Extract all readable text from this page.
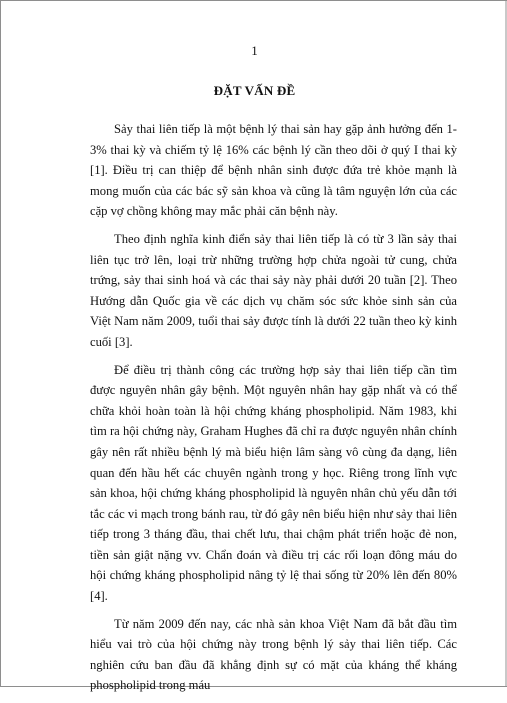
1
ĐẶT VẤN ĐỀ

Sảy thai liên tiếp là một bệnh lý thai sản hay gặp ảnh hưởng đến 1-3% thai kỳ và chiếm tỷ lệ 16% các bệnh lý cần theo dõi ở quý I thai kỳ [1]. Điều trị can thiệp để bệnh nhân sinh được đứa trẻ khỏe mạnh là mong muốn của các bác sỹ sản khoa và cũng là tâm nguyện lớn của các cặp vợ chồng không may mắc phải căn bệnh này.

Theo định nghĩa kinh điển sảy thai liên tiếp là có từ 3 lần sảy thai liên tục trở lên, loại trừ những trường hợp chửa ngoài tử cung, chửa trứng, sảy thai sinh hoá và các thai sảy này phải dưới 20 tuần [2]. Theo Hướng dẫn Quốc gia về các dịch vụ chăm sóc sức khỏe sinh sản của Việt Nam năm 2009, tuổi thai sảy được tính là dưới 22 tuần theo kỳ kinh cuối [3].

Để điều trị thành công các trường hợp sảy thai liên tiếp cần tìm được nguyên nhân gây bệnh. Một nguyên nhân hay gặp nhất và có thể chữa khỏi hoàn toàn là hội chứng kháng phospholipid. Năm 1983, khi tìm ra hội chứng này, Graham Hughes đã chỉ ra được nguyên nhân chính gây nên rất nhiều bệnh lý mà biểu hiện lâm sàng vô cùng đa dạng, liên quan đến hầu hết các chuyên ngành trong y học. Riêng trong lĩnh vực sản khoa, hội chứng kháng phospholipid là nguyên nhân chủ yếu dẫn tới tắc các vi mạch trong bánh rau, từ đó gây nên biểu hiện như sảy thai liên tiếp trong 3 tháng đầu, thai chết lưu, thai chậm phát triển hoặc đẻ non, tiền sản giật nặng vv. Chẩn đoán và điều trị các rối loạn đông máu do hội chứng kháng phospholipid nâng tỷ lệ thai sống từ 20% lên đến 80% [4].

Từ năm 2009 đến nay, các nhà sản khoa Việt Nam đã bắt đầu tìm hiểu vai trò của hội chứng này trong bệnh lý sảy thai liên tiếp. Các nghiên cứu ban đầu đã khẳng định sự có mặt của kháng thể kháng phospholipid trong máu
